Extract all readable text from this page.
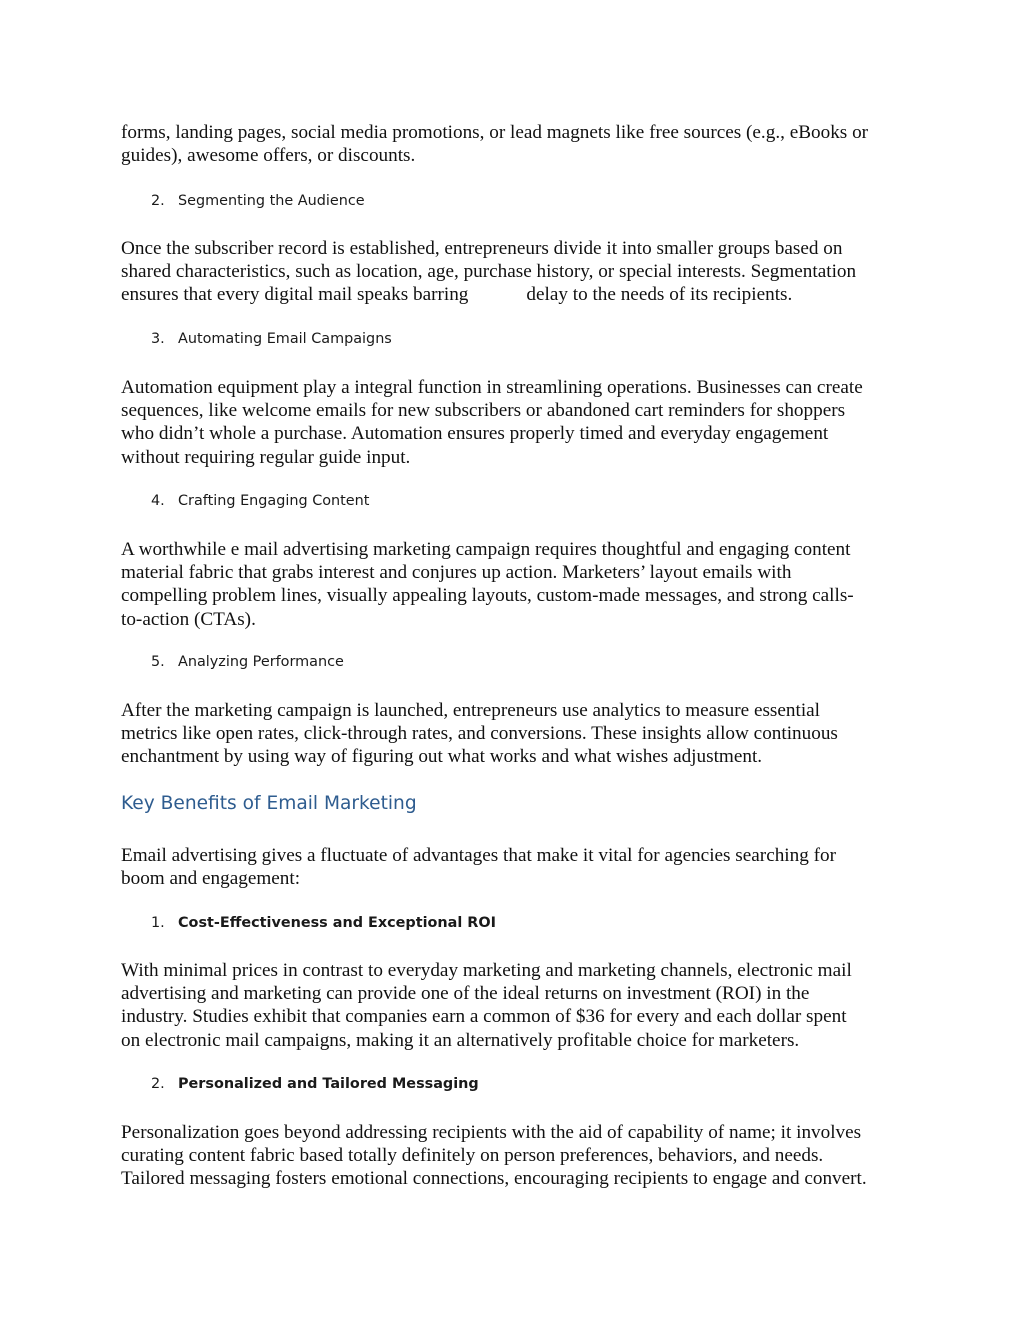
forms, landing pages, social media promotions, or lead magnets like free sources (e.g., eBooks or
guides), awesome offers, or discounts.

2. Segmenting the Audience

Once the subscriber record is established, entrepreneurs divide it into smaller groups based on
shared characteristics, such as location, age, purchase history, or special interests. Segmentation
ensures that every digital mail speaks barring	delay to the needs of its recipients.

3. Automating Email Campaigns

Automation equipment play a integral function in streamlining operations. Businesses can create
sequences, like welcome emails for new subscribers or abandoned cart reminders for shoppers
who didn’t whole a purchase. Automation ensures properly timed and everyday engagement
without requiring regular guide input.

4. Crafting Engaging Content

A worthwhile e mail advertising marketing campaign requires thoughtful and engaging content
material fabric that grabs interest and conjures up action. Marketers’ layout emails with
compelling problem lines, visually appealing layouts, custom-made messages, and strong calls-
to-action (CTAs).

5. Analyzing Performance

After the marketing campaign is launched, entrepreneurs use analytics to measure essential
metrics like open rates, click-through rates, and conversions. These insights allow continuous
enchantment by using way of figuring out what works and what wishes adjustment.

Key Benefits of Email Marketing

Email advertising gives a fluctuate of advantages that make it vital for agencies searching for
boom and engagement:

1. Cost-Effectiveness and Exceptional ROI

With minimal prices in contrast to everyday marketing and marketing channels, electronic mail
advertising and marketing can provide one of the ideal returns on investment (ROI) in the
industry. Studies exhibit that companies earn a common of $36 for every and each dollar spent
on electronic mail campaigns, making it an alternatively profitable choice for marketers.

2. Personalized and Tailored Messaging

Personalization goes beyond addressing recipients with the aid of capability of name; it involves
curating content fabric based totally definitely on person preferences, behaviors, and needs.
Tailored messaging fosters emotional connections, encouraging recipients to engage and convert.
